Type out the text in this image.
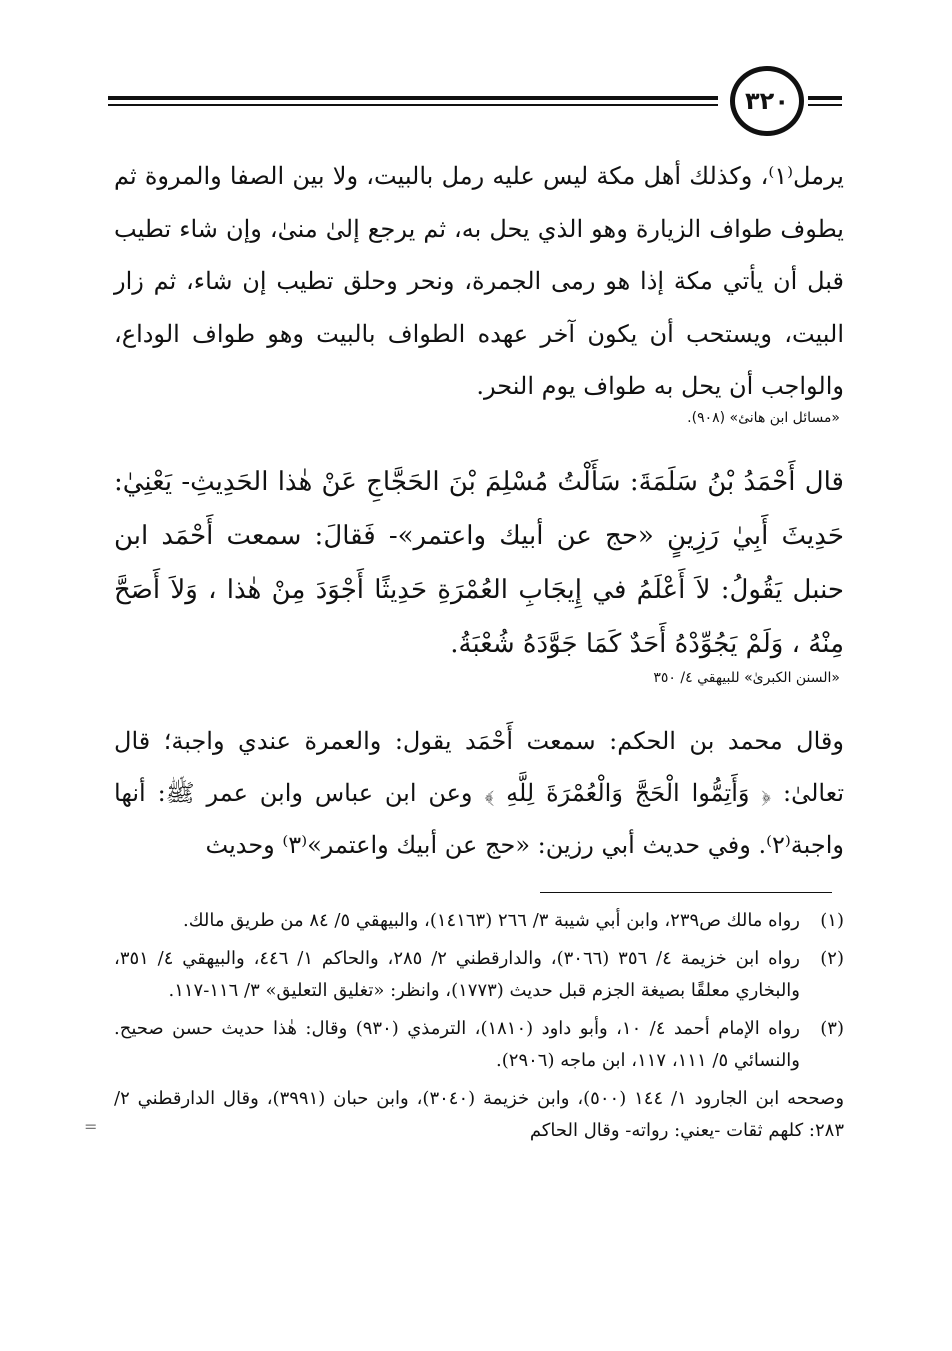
٣٢٠
يرمل⁽١⁾، وكذلك أهل مكة ليس عليه رمل بالبيت، ولا بين الصفا والمروة ثم يطوف طواف الزيارة وهو الذي يحل به، ثم يرجع إلىٰ منىٰ، وإن شاء تطيب قبل أن يأتي مكة إذا هو رمى الجمرة، ونحر وحلق تطيب إن شاء، ثم زار البيت، ويستحب أن يكون آخر عهده الطواف بالبيت وهو طواف الوداع، والواجب أن يحل به طواف يوم النحر.
«مسائل ابن هانئ» (٩٠٨).
قال أَحْمَدُ بْنُ سَلَمَةَ: سَأَلْتُ مُسْلِمَ بْنَ الحَجَّاجِ عَنْ هٰذا الحَدِيثِ- يَعْنِيٰ: حَدِيثَ أَبِيٰ رَزِينٍ «حج عن أبيك واعتمر»- فَقالَ: سمعت أَحْمَد ابن حنبل يَقُولُ: لاَ أَعْلَمُ في إِيجَابِ العُمْرَةِ حَدِيثًا أَجْوَدَ مِنْ هٰذا ، وَلاَ أَصَحَّ مِنْهُ ، وَلَمْ يَجُوِّدْهُ أَحَدٌ كَمَا جَوَّدَهُ شُعْبَةُ.
«السنن الكبرىٰ» للبيهقي ٤/ ٣٥٠
وقال محمد بن الحكم: سمعت أَحْمَد يقول: والعمرة عندي واجبة؛ قال تعالىٰ: ﴿ وَأَتِمُّوا الْحَجَّ وَالْعُمْرَةَ لِلَّهِ ﴾ وعن ابن عباس وابن عمر ﷺ: أنها واجبة⁽٢⁾. وفي حديث أبي رزين: «حج عن أبيك واعتمر»⁽٣⁾ وحديث
(١)
رواه مالك ص٢٣٩، وابن أبي شيبة ٣/ ٢٦٦ (١٤١٦٣)، والبيهقي ٥/ ٨٤ من طريق مالك.
(٢)
رواه ابن خزيمة ٤/ ٣٥٦ (٣٠٦٦)، والدارقطني ٢/ ٢٨٥، والحاكم ١/ ٤٤٦، والبيهقي ٤/ ٣٥١، والبخاري معلقًا بصيغة الجزم قبل حديث (١٧٧٣)، وانظر: «تغليق التعليق» ٣/ ١١٦-١١٧.
(٣)
رواه الإمام أحمد ٤/ ١٠، وأبو داود (١٨١٠)، الترمذي (٩٣٠) وقال: هٰذا حديث حسن صحيح. والنسائي ٥/ ١١١، ١١٧، ابن ماجه (٢٩٠٦).
وصححه ابن الجارود ١/ ١٤٤ (٥٠٠)، وابن خزيمة (٣٠٤٠)، وابن حبان (٣٩٩١)، وقال الدارقطني ٢/ ٢٨٣: كلهم ثقات -يعني: رواته- وقال الحاكم
=
